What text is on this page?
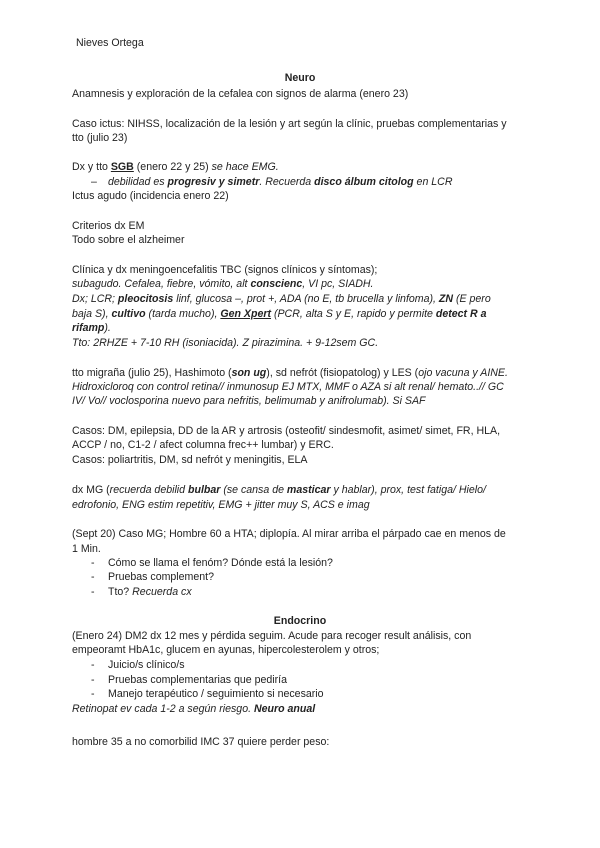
Nieves Ortega
Neuro
Anamnesis y exploración de la cefalea con signos de alarma (enero 23)
Caso ictus: NIHSS, localización de la lesión y art según la clínic, pruebas complementarias y
tto (julio 23)
Dx y tto SGB (enero 22 y 25) se hace EMG.
– debilidad es progresiv y simetr. Recuerda disco álbum citolog en LCR
Ictus agudo (incidencia enero 22)
Criterios dx EM
Todo sobre el alzheimer
Clínica y dx meningoencefalitis TBC (signos clínicos y síntomas);
subagudo. Cefalea, fiebre, vómito, alt conscienc, VI pc, SIADH.
Dx; LCR; pleocitosis linf, glucosa –, prot +, ADA (no E, tb brucella y linfoma), ZN (E pero
baja S), cultivo (tarda mucho), Gen Xpert (PCR, alta S y E, rapido y permite detect R a
rifamp).
Tto: 2RHZE + 7-10 RH (isoniacida). Z pirazimina. + 9-12sem GC.
tto migraña (julio 25), Hashimoto (son ug), sd nefrót (fisiopatolog) y LES (ojo vacuna y AINE.
Hidroxicloroq con control retina// inmunosup EJ MTX, MMF o AZA si alt renal/ hemato..// GC
IV/ Vo// voclosporina nuevo para nefritis, belimumab y anifrolumab). Si SAF
Casos: DM, epilepsia, DD de la AR y artrosis (osteofit/ sindesmofit, asimet/ simet, FR, HLA,
ACCP / no, C1-2 / afect columna frec++ lumbar) y ERC.
Casos: poliartritis, DM, sd nefrót y meningitis, ELA
dx MG (recuerda debilid bulbar (se cansa de masticar y hablar), prox, test fatiga/ Hielo/
edrofonio, ENG estim repetitiv, EMG + jitter muy S, ACS e imag
(Sept 20) Caso MG; Hombre 60 a HTA; diplopía. Al mirar arriba el párpado cae en menos de
1 Min.
- Cómo se llama el fenóm? Dónde está la lesión?
- Pruebas complement?
- Tto? Recuerda cx
Endocrino
(Enero 24) DM2 dx 12 mes y pérdida seguim. Acude para recoger result análisis, con
empeoramt HbA1c, glucem en ayunas, hipercolesterolem y otros;
- Juicio/s clínico/s
- Pruebas complementarias que pediría
- Manejo terapéutico / seguimiento si necesario
Retinopat ev cada 1-2 a según riesgo. Neuro anual
hombre 35 a no comorbilid IMC 37 quiere perder peso:
